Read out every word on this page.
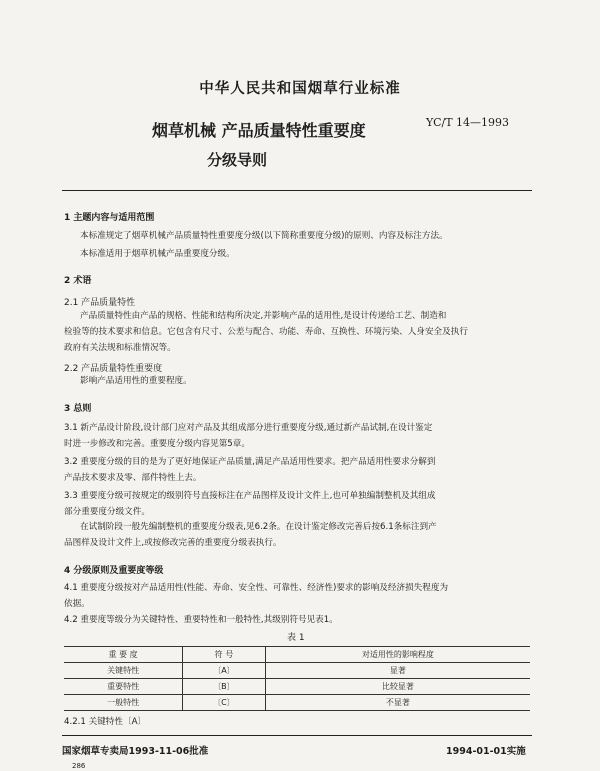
中华人民共和国烟草行业标准
YC/T 14—1993
烟草机械 产品质量特性重要度
分级导则
1 主题内容与适用范围
本标准规定了烟草机械产品质量特性重要度分级(以下简称重要度分级)的原则、内容及标注方法。
本标准适用于烟草机械产品重要度分级。
2 术语
2.1 产品质量特性
产品质量特性由产品的规格、性能和结构所决定,并影响产品的适用性,是设计传递给工艺、制造和
检验等的技术要求和信息。它包含有尺寸、公差与配合、功能、寿命、互换性、环境污染、人身安全及执行
政府有关法规和标准情况等。
2.2 产品质量特性重要度
影响产品适用性的重要程度。
3 总则
3.1 新产品设计阶段,设计部门应对产品及其组成部分进行重要度分级,通过新产品试制,在设计鉴定
时进一步修改和完善。重要度分级内容见第5章。
3.2 重要度分级的目的是为了更好地保证产品质量,满足产品适用性要求。把产品适用性要求分解到
产品技术要求及零、部件特性上去。
3.3 重要度分级可按规定的级别符号直接标注在产品图样及设计文件上,也可单独编制整机及其组成
部分重要度分级文件。
在试制阶段一般先编制整机的重要度分级表,见6.2条。在设计鉴定修改完善后按6.1条标注到产
品图样及设计文件上,或按修改完善的重要度分级表执行。
4 分级原则及重要度等级
4.1 重要度分级按对产品适用性(性能、寿命、安全性、可靠性、经济性)要求的影响及经济损失程度为
依据。
4.2 重要度等级分为关键特性、重要特性和一般特性,其级别符号见表1。
表 1
重 要 度	符 号	对适用性的影响程度
关键特性	〔A〕	显著
重要特性	〔B〕	比较显著
一般特性	〔C〕	不显著
4.2.1 关键特性〔A〕
国家烟草专卖局1993-11-06批准	1994-01-01实施
286
